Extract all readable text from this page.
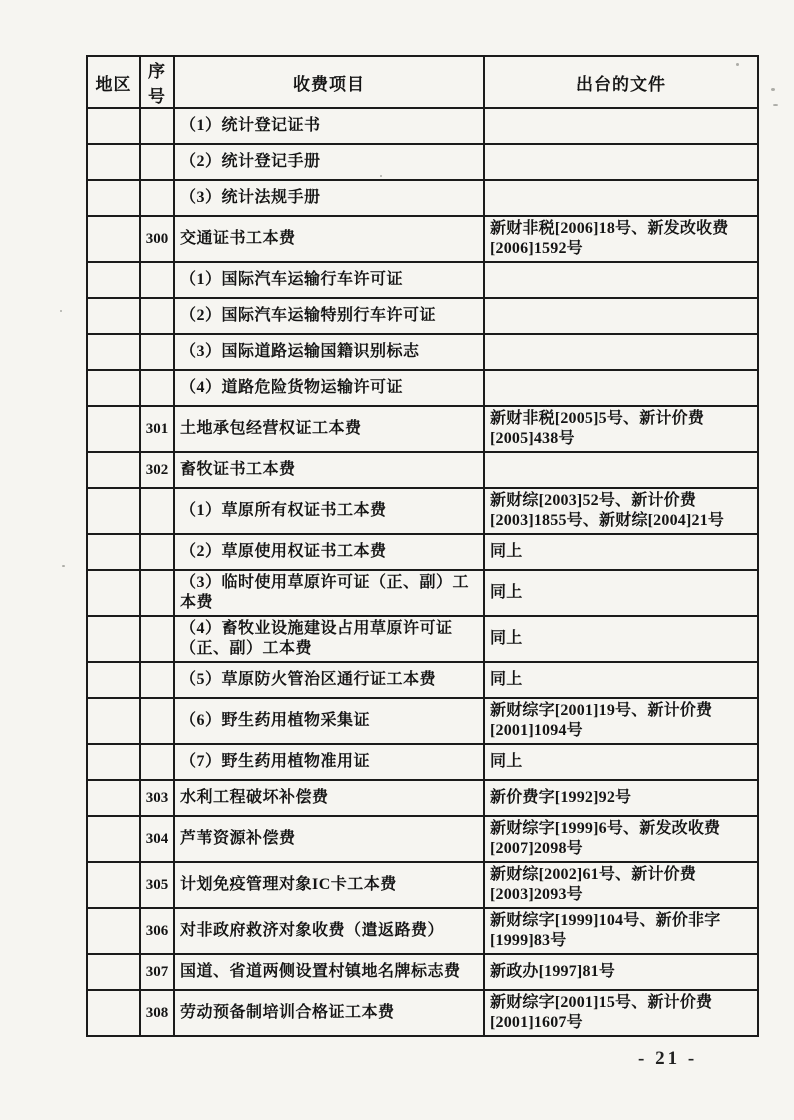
地区	序号	收费项目	出台的文件
		（1）统计登记证书	
		（2）统计登记手册	
		（3）统计法规手册	
	300	交通证书工本费	新财非税[2006]18号、新发改收费[2006]1592号
		（1）国际汽车运输行车许可证	
		（2）国际汽车运输特别行车许可证	
		（3）国际道路运输国籍识别标志	
		（4）道路危险货物运输许可证	
	301	土地承包经营权证工本费	新财非税[2005]5号、新计价费[2005]438号
	302	畜牧证书工本费	
		（1）草原所有权证书工本费	新财综[2003]52号、新计价费[2003]1855号、新财综[2004]21号
		（2）草原使用权证书工本费	同上
		（3）临时使用草原许可证（正、副）工本费	同上
		（4）畜牧业设施建设占用草原许可证（正、副）工本费	同上
		（5）草原防火管治区通行证工本费	同上
		（6）野生药用植物采集证	新财综字[2001]19号、新计价费[2001]1094号
		（7）野生药用植物准用证	同上
	303	水利工程破坏补偿费	新价费字[1992]92号
	304	芦苇资源补偿费	新财综字[1999]6号、新发改收费[2007]2098号
	305	计划免疫管理对象IC卡工本费	新财综[2002]61号、新计价费[2003]2093号
	306	对非政府救济对象收费（遣返路费）	新财综字[1999]104号、新价非字[1999]83号
	307	国道、省道两侧设置村镇地名牌标志费	新政办[1997]81号
	308	劳动预备制培训合格证工本费	新财综字[2001]15号、新计价费[2001]1607号
- 21 -
